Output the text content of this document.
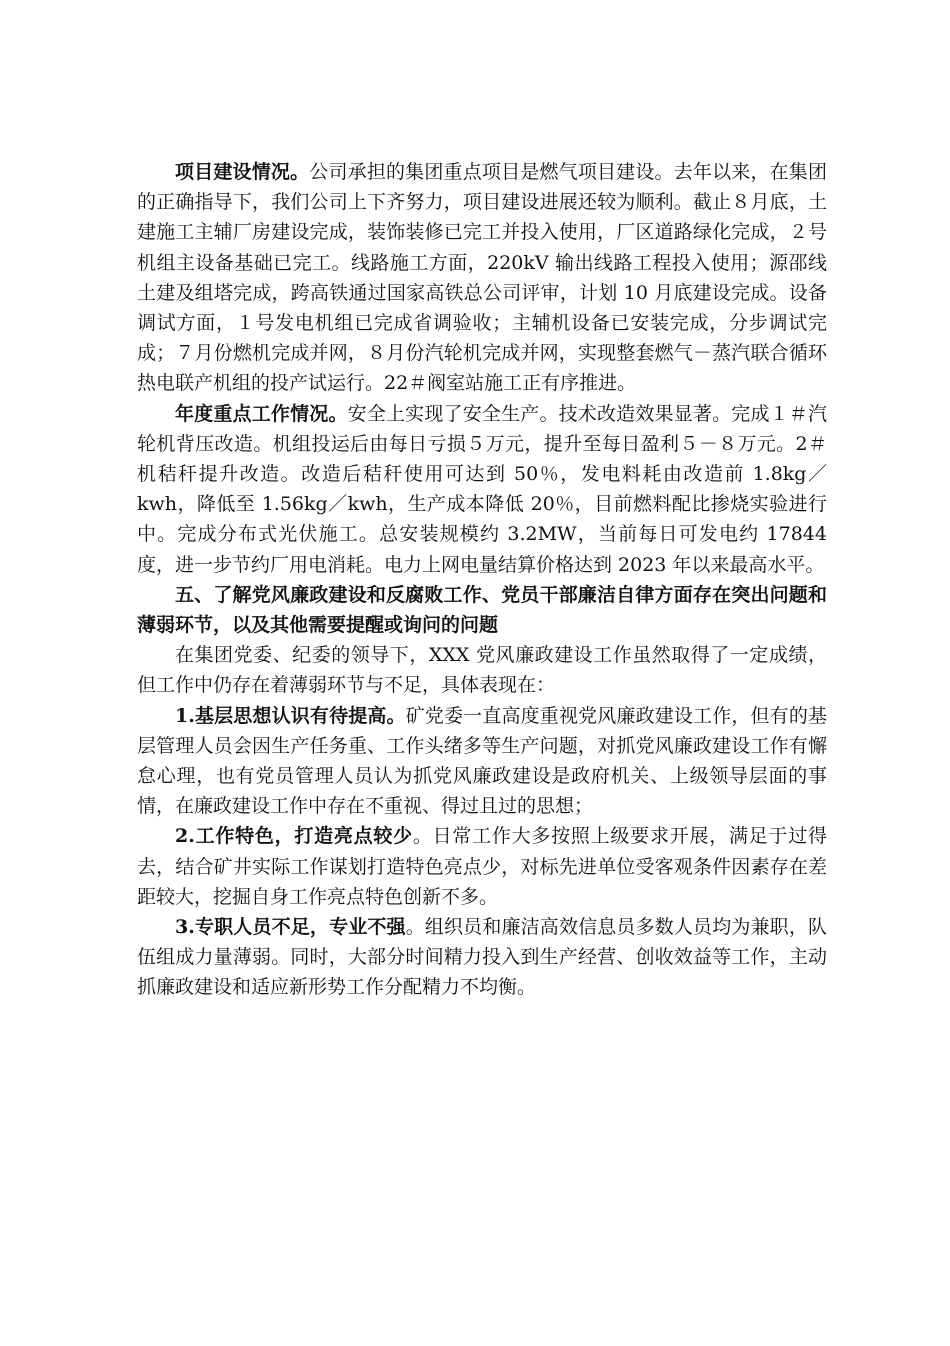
项目建设情况。公司承担的集团重点项目是燃气项目建设。去年以来，在集团的正确指导下，我们公司上下齐努力，项目建设进展还较为顺利。截止８月底，土建施工主辅厂房建设完成，装饰装修已完工并投入使用，厂区道路绿化完成，２号机组主设备基础已完工。线路施工方面，220kV 输出线路工程投入使用；源邵线土建及组塔完成，跨高铁通过国家高铁总公司评审，计划 10 月底建设完成。设备调试方面，１号发电机组已完成省调验收；主辅机设备已安装完成，分步调试完成；７月份燃机完成并网，８月份汽轮机完成并网，实现整套燃气－蒸汽联合循环热电联产机组的投产试运行。22＃阀室站施工正有序推进。

年度重点工作情况。安全上实现了安全生产。技术改造效果显著。完成１＃汽轮机背压改造。机组投运后由每日亏损５万元，提升至每日盈利５－８万元。2＃机秸秆提升改造。改造后秸秆使用可达到 50％，发电料耗由改造前 1.8kg／kwh，降低至 1.56kg／kwh，生产成本降低 20％，目前燃料配比掺烧实验进行中。完成分布式光伏施工。总安装规模约 3.2MW，当前每日可发电约 17844 度，进一步节约厂用电消耗。电力上网电量结算价格达到 2023 年以来最高水平。

五、了解党风廉政建设和反腐败工作、党员干部廉洁自律方面存在突出问题和薄弱环节，以及其他需要提醒或询问的问题

在集团党委、纪委的领导下，XXX 党风廉政建设工作虽然取得了一定成绩，但工作中仍存在着薄弱环节与不足，具体表现在：

1.基层思想认识有待提高。矿党委一直高度重视党风廉政建设工作，但有的基层管理人员会因生产任务重、工作头绪多等生产问题，对抓党风廉政建设工作有懈怠心理，也有党员管理人员认为抓党风廉政建设是政府机关、上级领导层面的事情，在廉政建设工作中存在不重视、得过且过的思想；

2.工作特色，打造亮点较少。日常工作大多按照上级要求开展，满足于过得去，结合矿井实际工作谋划打造特色亮点少，对标先进单位受客观条件因素存在差距较大，挖掘自身工作亮点特色创新不多。

3.专职人员不足，专业不强。组织员和廉洁高效信息员多数人员均为兼职，队伍组成力量薄弱。同时，大部分时间精力投入到生产经营、创收效益等工作，主动抓廉政建设和适应新形势工作分配精力不均衡。
